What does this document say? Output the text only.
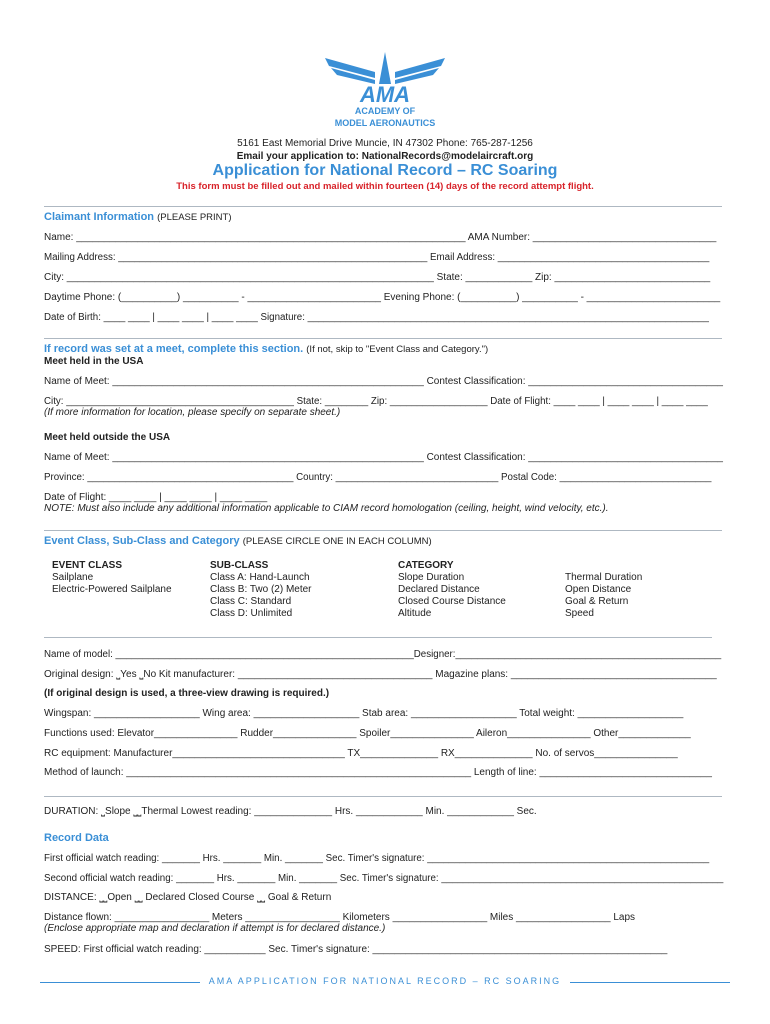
AMA
ACADEMY OF
MODEL AERONAUTICS
5161 East Memorial Drive Muncie, IN 47302 Phone: 765-287-1256
Email your application to: NationalRecords@modelaircraft.org
Application for National Record – RC Soaring
This form must be filled out and mailed within fourteen (14) days of the record attempt flight.
Claimant Information (PLEASE PRINT)
Name: ______________________________________________________________________ AMA Number: _________________________________
Mailing Address: _________________________________________________________ Email Address: _______________________________________
City: __________________________________________________________________ State: ____________ Zip: ____________________________
Daytime Phone: (__________) __________ - ________________________ Evening Phone: (__________) __________ - ________________________
Date of Birth: ____ ____ | ____ ____ | ____ ____ Signature: __________________________________________________________________________
If record was set at a meet, complete this section. (If not, skip to "Event Class and Category.")
Meet held in the USA
Name of Meet: ________________________________________________________ Contest Classification: ___________________________________
City: __________________________________________ State: ________ Zip: __________________ Date of Flight: ____ ____ | ____ ____ | ____ ____
(If more information for location, please specify on separate sheet.)
Meet held outside the USA
Name of Meet: ________________________________________________________ Contest Classification: ___________________________________
Province: ______________________________________ Country: ______________________________ Postal Code: ____________________________
Date of Flight: ____ ____ | ____ ____ | ____ ____
NOTE: Must also include any additional information applicable to CIAM record homologation (ceiling, height, wind velocity, etc.).
Event Class, Sub-Class and Category (PLEASE CIRCLE ONE IN EACH COLUMN)
EVENT CLASS
Sailplane
Electric-Powered Sailplane
SUB-CLASS
Class A: Hand-Launch
Class B: Two (2) Meter
Class C: Standard
Class D: Unlimited
CATEGORY
Slope Duration
Declared Distance
Closed Course Distance
Altitude
Thermal Duration
Open Distance
Goal & Return
Speed
Name of model: _______________________________________________________Designer:_________________________________________________
Original design: ⎵Yes ⎵No Kit manufacturer: ___________________________________ Magazine plans: _____________________________________
(If original design is used, a three-view drawing is required.)
Wingspan: ___________________ Wing area: ___________________ Stab area: ___________________ Total weight: ___________________
Functions used: Elevator_______________ Rudder_______________ Spoiler_______________ Aileron_______________ Other_____________
RC equipment: Manufacturer_______________________________ TX______________ RX______________ No. of servos_______________
Method of launch: ______________________________________________________________ Length of line: _______________________________
DURATION: ⎵Slope ⎵⎵Thermal Lowest reading: ______________ Hrs. ____________ Min. ____________ Sec.
Record Data
First official watch reading: _______ Hrs. _______ Min. _______ Sec. Timer's signature: ____________________________________________________
Second official watch reading: _______ Hrs. _______ Min. _______ Sec. Timer's signature: ____________________________________________________
DISTANCE: ⎵⎵Open ⎵⎵ Declared Closed Course ⎵⎵ Goal & Return
Distance flown: _________________ Meters _________________ Kilometers _________________ Miles _________________ Laps
(Enclose appropriate map and declaration if attempt is for declared distance.)
SPEED: First official watch reading: ___________ Sec. Timer's signature: _____________________________________________________
AMA APPLICATION FOR NATIONAL RECORD – RC SOARING
